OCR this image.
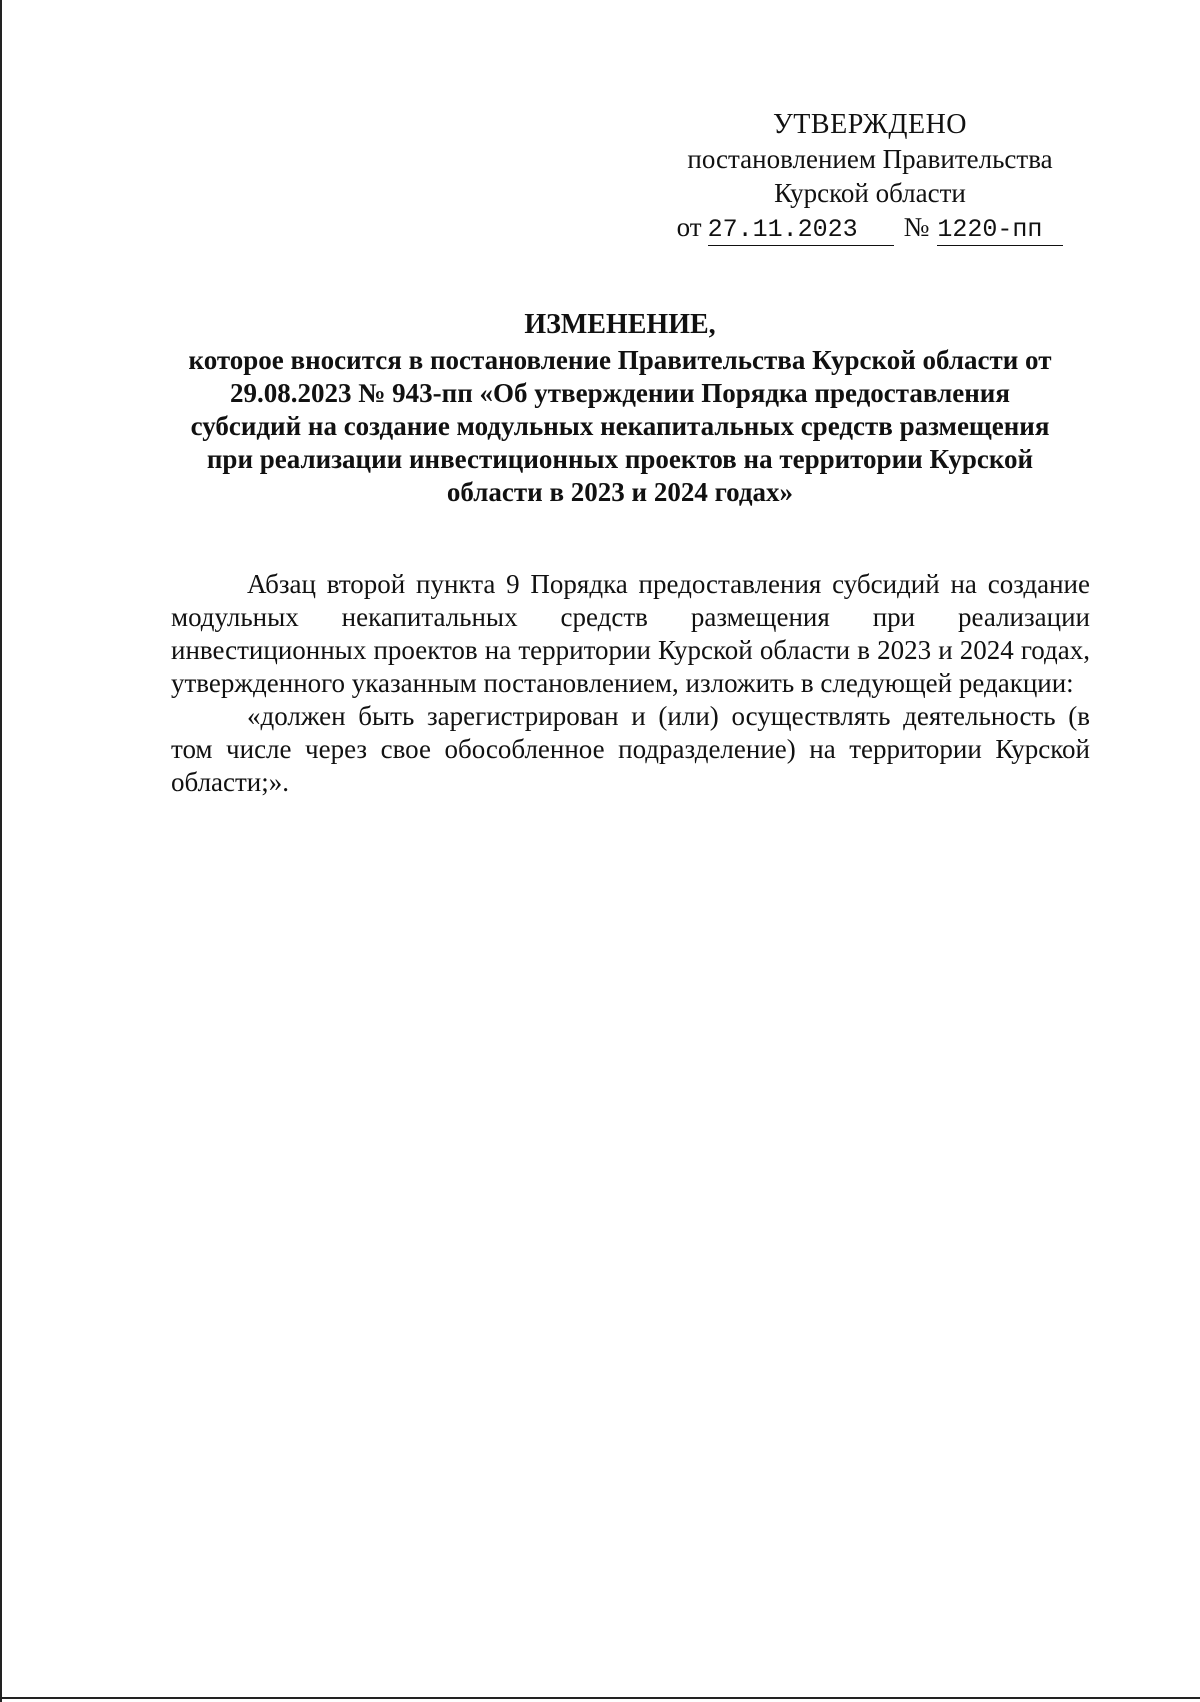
УТВЕРЖДЕНО
постановлением Правительства
Курской области
от 27.11.2023	№ 1220-пп
ИЗМЕНЕНИЕ,
которое вносится в постановление Правительства Курской области от
29.08.2023 № 943-пп «Об утверждении Порядка предоставления
субсидий на создание модульных некапитальных средств размещения
при реализации инвестиционных проектов на территории Курской
области в 2023 и 2024 годах»

Абзац второй пункта 9 Порядка предоставления субсидий на создание модульных некапитальных средств размещения при реализации инвестиционных проектов на территории Курской области в 2023 и 2024 годах, утвержденного указанным постановлением, изложить в следующей редакции:

«должен быть зарегистрирован и (или) осуществлять деятельность (в том числе через свое обособленное подразделение) на территории Курской области;».
